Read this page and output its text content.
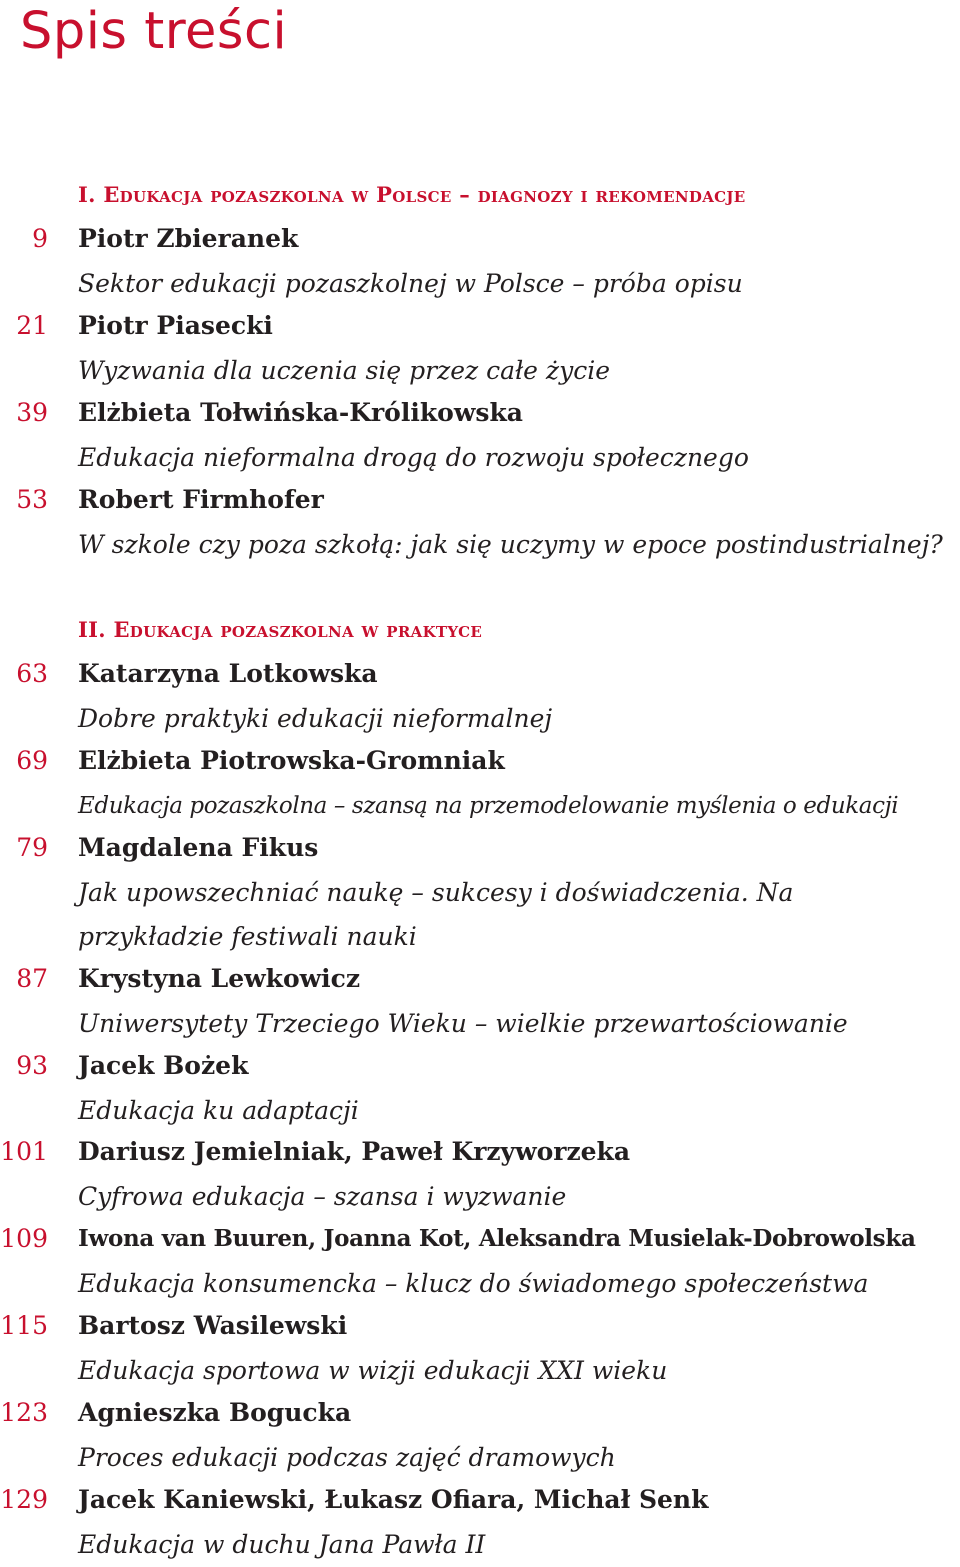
Spis treści
I. Edukacja pozaszkolna w Polsce – diagnozy i rekomendacje
9 Piotr Zbieranek
Sektor edukacji pozaszkolnej w Polsce – próba opisu
21 Piotr Piasecki
Wyzwania dla uczenia się przez całe życie
39 Elżbieta Tołwińska-Królikowska
Edukacja nieformalna drogą do rozwoju społecznego
53 Robert Firmhofer
W szkole czy poza szkołą: jak się uczymy w epoce postindustrialnej?
II. Edukacja pozaszkolna w praktyce
63 Katarzyna Lotkowska
Dobre praktyki edukacji nieformalnej
69 Elżbieta Piotrowska-Gromniak
Edukacja pozaszkolna – szansą na przemodelowanie myślenia o edukacji
79 Magdalena Fikus
Jak upowszechniać naukę – sukcesy i doświadczenia. Na przykładzie festiwali nauki
87 Krystyna Lewkowicz
Uniwersytety Trzeciego Wieku – wielkie przewartościowanie
93 Jacek Bożek
Edukacja ku adaptacji
101 Dariusz Jemielniak, Paweł Krzyworzeka
Cyfrowa edukacja – szansa i wyzwanie
109 Iwona van Buuren, Joanna Kot, Aleksandra Musielak-Dobrowolska
Edukacja konsumencka – klucz do świadomego społeczeństwa
115 Bartosz Wasilewski
Edukacja sportowa w wizji edukacji XXI wieku
123 Agnieszka Bogucka
Proces edukacji podczas zajęć dramowych
129 Jacek Kaniewski, Łukasz Ofiara, Michał Senk
Edukacja w duchu Jana Pawła II
